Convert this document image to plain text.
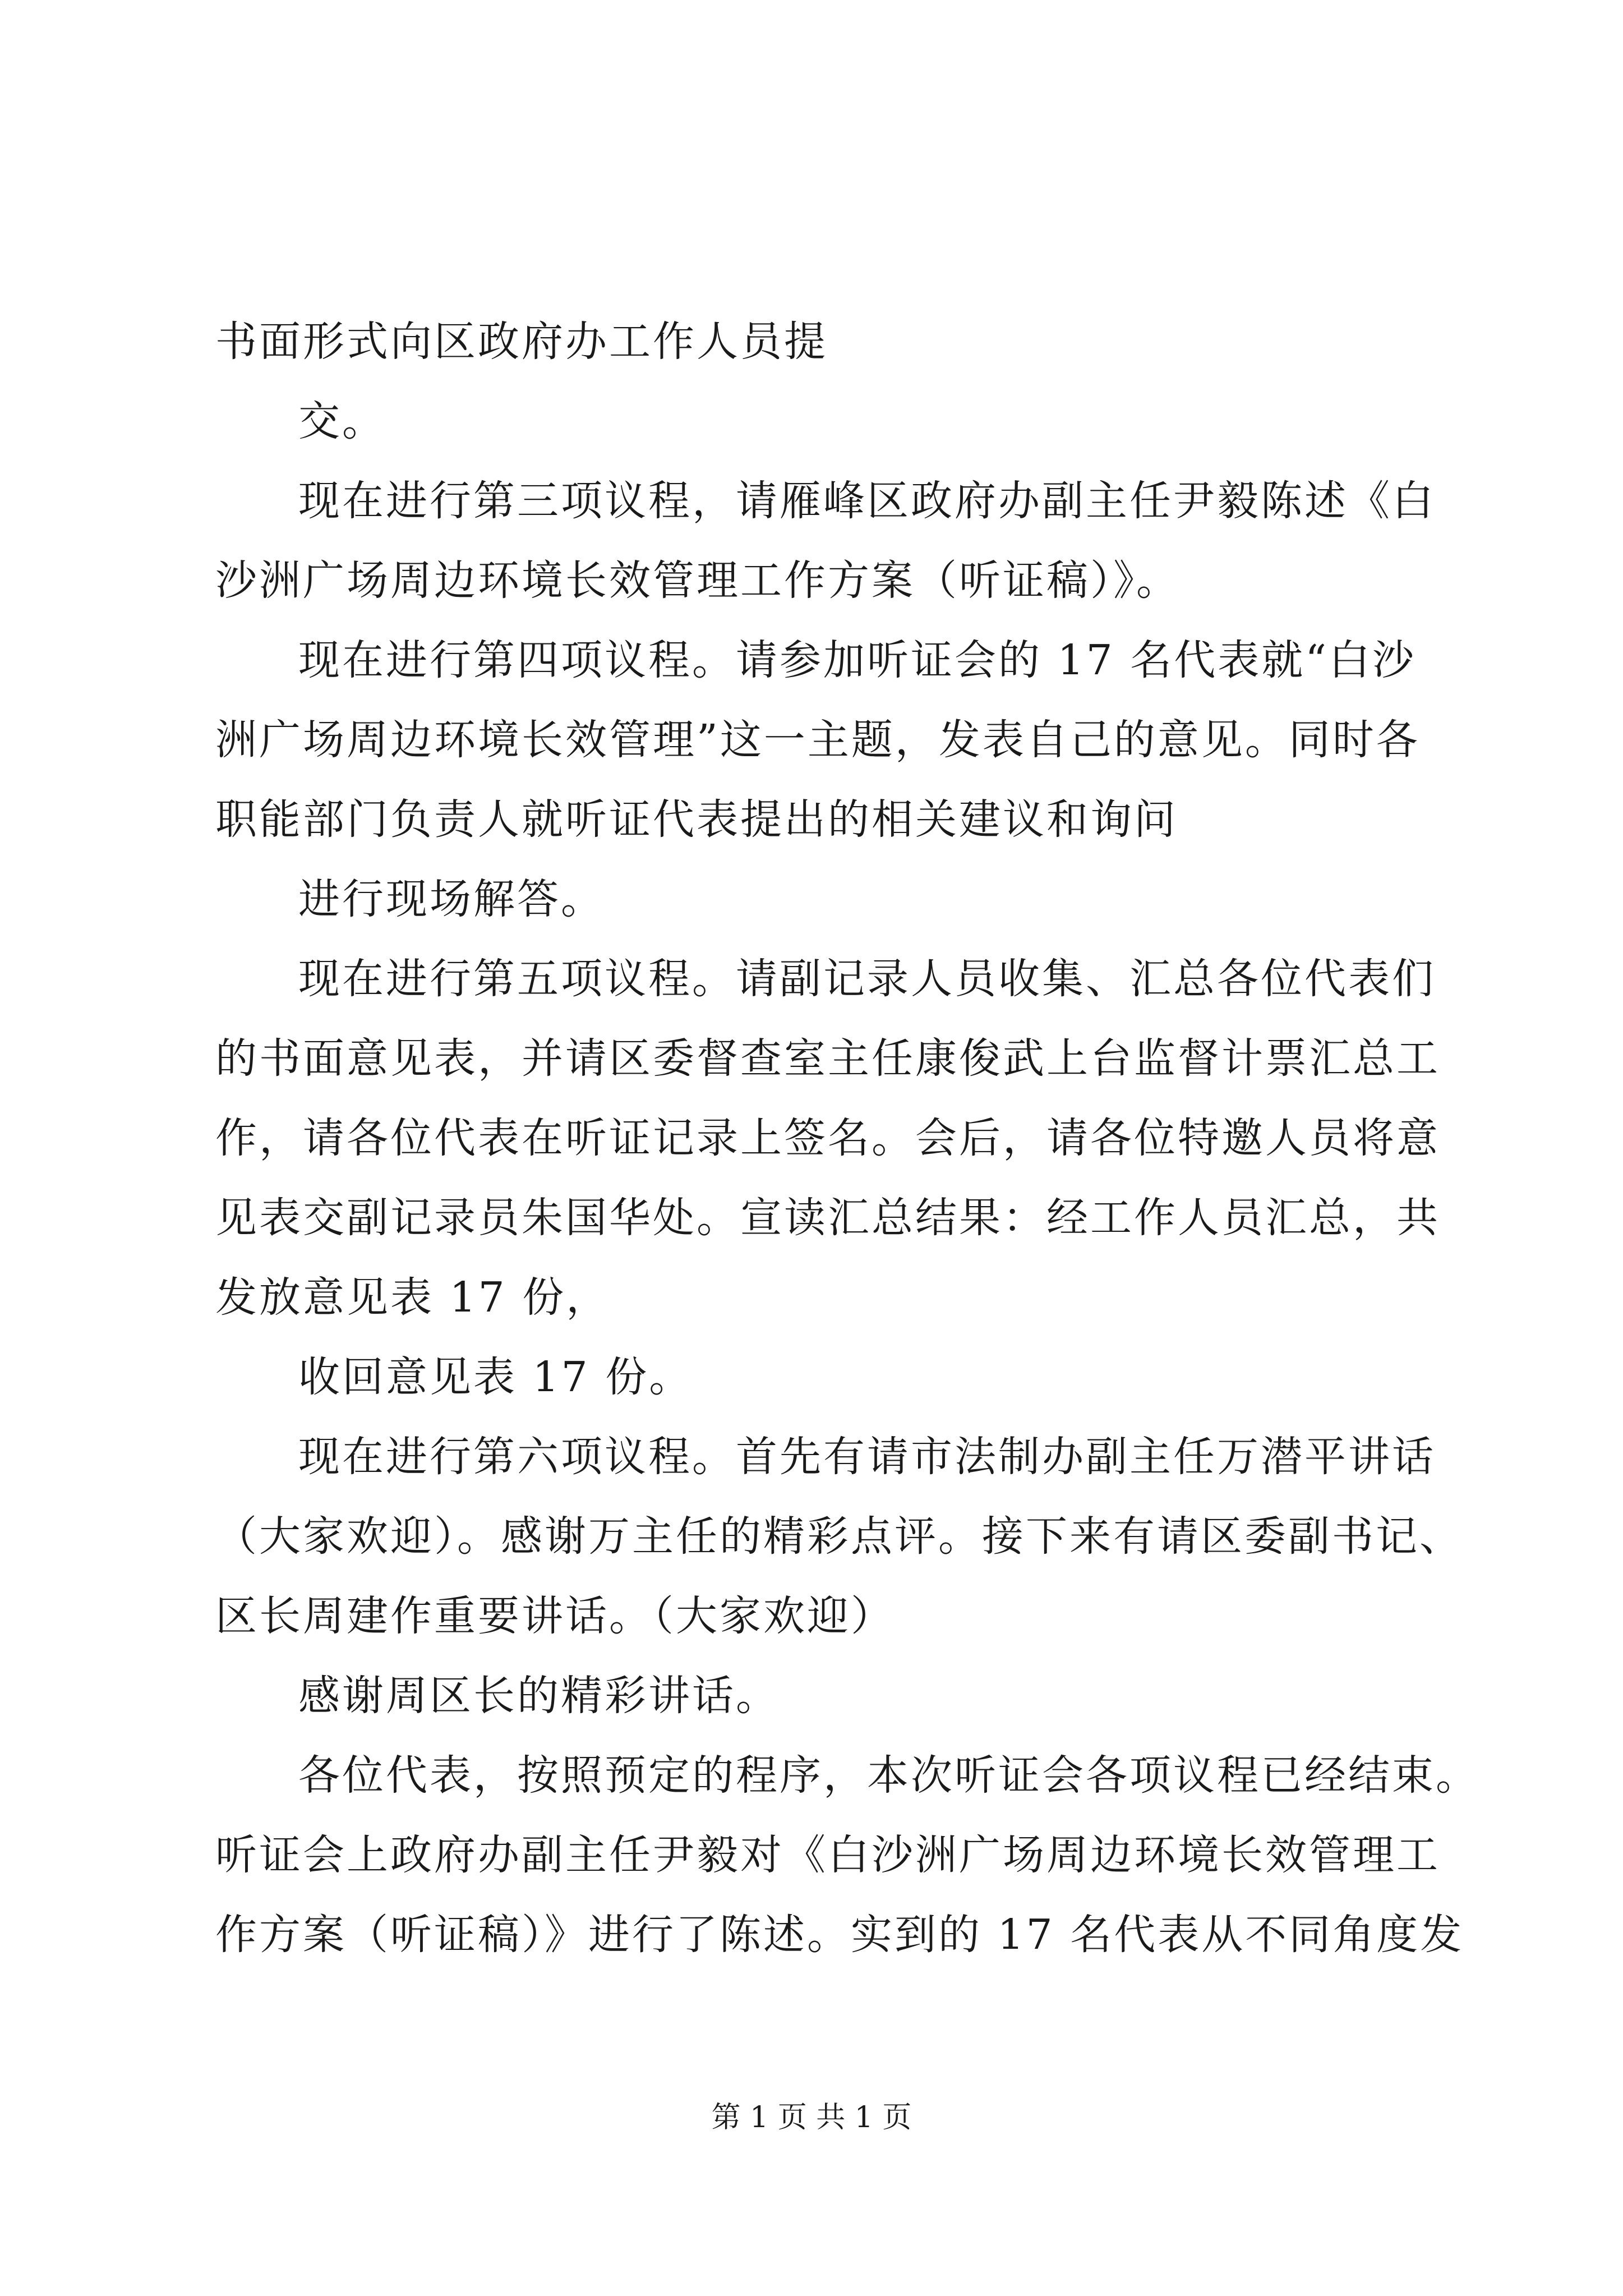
书面形式向区政府办工作人员提
交。
现在进行第三项议程，请雁峰区政府办副主任尹毅陈述《白
沙洲广场周边环境长效管理工作方案（听证稿）》。
现在进行第四项议程。请参加听证会的 17 名代表就“白沙
洲广场周边环境长效管理”这一主题，发表自己的意见。同时各
职能部门负责人就听证代表提出的相关建议和询问
进行现场解答。
现在进行第五项议程。请副记录人员收集、汇总各位代表们
的书面意见表，并请区委督查室主任康俊武上台监督计票汇总工
作，请各位代表在听证记录上签名。会后，请各位特邀人员将意
见表交副记录员朱国华处。宣读汇总结果：经工作人员汇总，共
发放意见表 17 份，
收回意见表 17 份。
现在进行第六项议程。首先有请市法制办副主任万潜平讲话
（大家欢迎）。感谢万主任的精彩点评。接下来有请区委副书记、
区长周建作重要讲话。（大家欢迎）
感谢周区长的精彩讲话。
各位代表，按照预定的程序，本次听证会各项议程已经结束。
听证会上政府办副主任尹毅对《白沙洲广场周边环境长效管理工
作方案（听证稿）》进行了陈述。实到的 17 名代表从不同角度发
第 1 页 共 1 页
